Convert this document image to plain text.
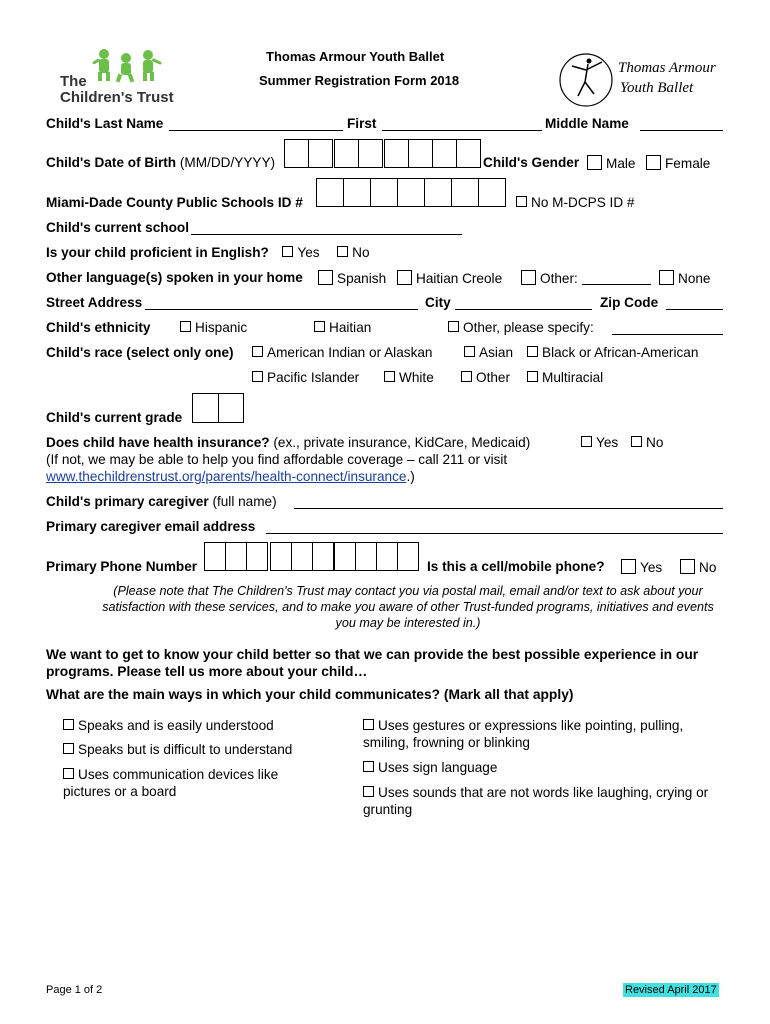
The
Children's Trust
Thomas Armour Youth Ballet
Summer Registration Form 2018
Thomas Armour
Youth Ballet
Child's Last Name	First	Middle Name
Child's Date of Birth (MM/DD/YYYY)	Child's Gender	Male	Female
Miami-Dade County Public Schools ID #	No M-DCPS ID #
Child's current school
Is your child proficient in English? Yes No
Other language(s) spoken in your home	Spanish	Haitian Creole	Other:	None
Street Address	City	Zip Code
Child's ethnicity	Hispanic	Haitian	Other, please specify:
Child's race (select only one)	American Indian or Alaskan	Asian	Black or African-American
Pacific Islander	White	Other	Multiracial
Child's current grade
Does child have health insurance? (ex., private insurance, KidCare, Medicaid)	Yes	No
(If not, we may be able to help you find affordable coverage – call 211 or visit
www.thechildrenstrust.org/parents/health-connect/insurance.)
Child's primary caregiver (full name)
Primary caregiver email address
Primary Phone Number	Is this a cell/mobile phone?	Yes	No
(Please note that The Children's Trust may contact you via postal mail, email and/or text to ask about your satisfaction with these services, and to make you aware of other Trust-funded programs, initiatives and events you may be interested in.)
We want to get to know your child better so that we can provide the best possible experience in our programs. Please tell us more about your child…
What are the main ways in which your child communicates? (Mark all that apply)
Speaks and is easily understood
Speaks but is difficult to understand
Uses communication devices like pictures or a board
Uses gestures or expressions like pointing, pulling, smiling, frowning or blinking
Uses sign language
Uses sounds that are not words like laughing, crying or grunting
Page 1 of 2	Revised April 2017
